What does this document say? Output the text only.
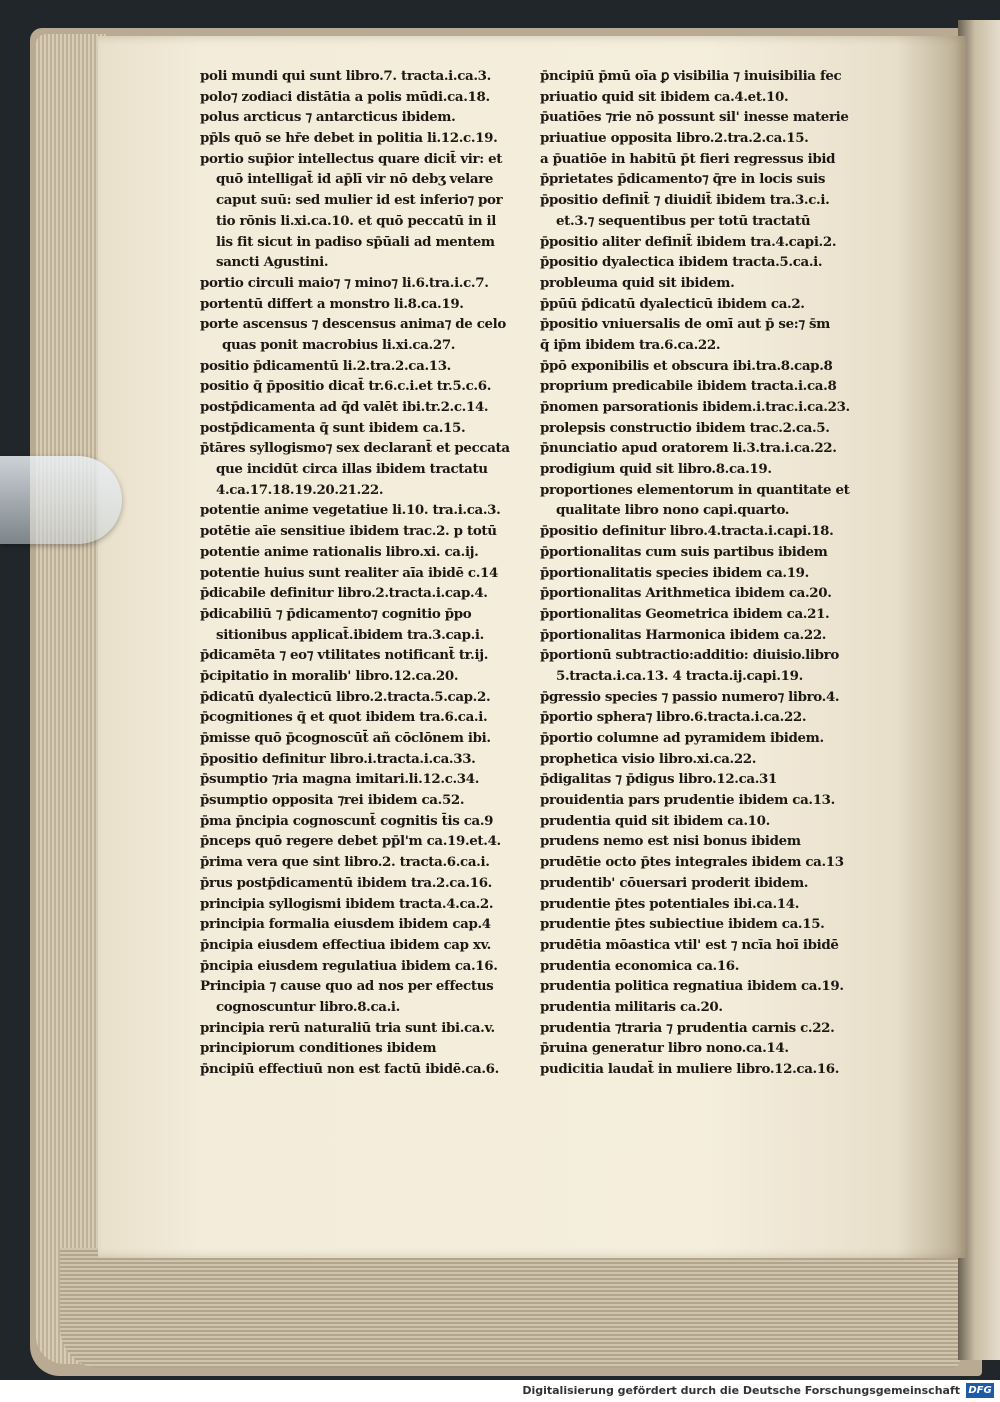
poli mundi qui sunt libro.7. tracta.i.ca.3.
polo⁊ zodiaci distātia a polis mūdi.ca.18.
polus arcticus ⁊ antarcticus ibidem.
pp̄ls quō se hr̄e debet in politia li.12.c.19.
portio sup̄ior intellectus quare dicit̄ vir: et
quō intelligat̄ id ap̄lī vir nō debʒ velare
caput suū: sed mulier id est inferio⁊ por
tio rōnis li.xi.ca.10. et quō peccatū in il
lis fit sicut in padiso sp̄ūali ad mentem
sancti Agustini.
portio circuli maio⁊ ⁊ mino⁊ li.6.tra.i.c.7.
portentū differt a monstro li.8.ca.19.
porte ascensus ⁊ descensus anima⁊ de celo
quas ponit macrobius li.xi.ca.27.
positio p̄dicamentū li.2.tra.2.ca.13.
positio q̄ p̄positio dicat̄ tr.6.c.i.et tr.5.c.6.
postp̄dicamenta ad q̄d valēt ibi.tr.2.c.14.
postp̄dicamenta q̄ sunt ibidem ca.15.
p̄tāres syllogismo⁊ sex declarant̄ et peccata
que incidūt circa illas ibidem tractatu
4.ca.17.18.19.20.21.22.
potentie anime vegetatiue li.10. tra.i.ca.3.
potētie aīe sensitiue ibidem trac.2. p totū
potentie anime rationalis libro.xi. ca.ij.
potentie huius sunt realiter aīa ibidē c.14
p̄dicabile definitur libro.2.tracta.i.cap.4.
p̄dicabiliū ⁊ p̄dicamento⁊ cognitio p̄po
sitionibus applicat̄.ibidem tra.3.cap.i.
p̄dicamēta ⁊ eo⁊ vtilitates notificant̄ tr.ij.
p̄cipitatio in moralib' libro.12.ca.20.
p̄dicatū dyalecticū libro.2.tracta.5.cap.2.
p̄cognitiones q̄ et quot ibidem tra.6.ca.i.
p̄misse quō p̄cognoscūt̄ añ cōclōnem ibi.
p̄positio definitur libro.i.tracta.i.ca.33.
p̄sumptio ⁊ria magna imitari.li.12.c.34.
p̄sumptio opposita ⁊rei ibidem ca.52.
p̄ma p̄ncipia cognoscunt̄ cognitis t̄is ca.9
p̄nceps quō regere debet pp̄l'm ca.19.et.4.
p̄rima vera que sint libro.2. tracta.6.ca.i.
p̄rus postp̄dicamentū ibidem tra.2.ca.16.
principia syllogismi ibidem tracta.4.ca.2.
principia formalia eiusdem ibidem cap.4
p̄ncipia eiusdem effectiua ibidem cap xv.
p̄ncipia eiusdem regulatiua ibidem ca.16.
Principia ⁊ cause quo ad nos per effectus
cognoscuntur libro.8.ca.i.
principia rerū naturaliū tria sunt ibi.ca.v.
principiorum conditiones ibidem
p̄ncipiū effectiuū non est factū ibidē.ca.6.
p̄ncipiū p̄mū oīa ꝑ visibilia ⁊ inuisibilia fec
priuatio quid sit ibidem ca.4.et.10.
p̄uatiōes ⁊rie nō possunt sil' inesse materie
priuatiue opposita libro.2.tra.2.ca.15.
a p̄uatiōe in habitū p̄t fieri regressus ibid
p̄prietates p̄dicamento⁊ q̄re in locis suis
p̄positio definit̄ ⁊ diuidit̄ ibidem tra.3.c.i.
et.3.⁊ sequentibus per totū tractatū
p̄positio aliter definit̄ ibidem tra.4.capi.2.
p̄positio dyalectica ibidem tracta.5.ca.i.
probleuma quid sit ibidem.
p̄pūū p̄dicatū dyalecticū ibidem ca.2.
p̄positio vniuersalis de omī aut p̄ se:⁊ s̄m
q̄ ip̄m ibidem tra.6.ca.22.
p̄pō exponibilis et obscura ibi.tra.8.cap.8
proprium predicabile ibidem tracta.i.ca.8
p̄nomen parsorationis ibidem.i.trac.i.ca.23.
prolepsis constructio ibidem trac.2.ca.5.
p̄nunciatio apud oratorem li.3.tra.i.ca.22.
prodigium quid sit libro.8.ca.19.
proportiones elementorum in quantitate et
qualitate libro nono capi.quarto.
p̄positio definitur libro.4.tracta.i.capi.18.
p̄portionalitas cum suis partibus ibidem
p̄portionalitatis species ibidem ca.19.
p̄portionalitas Arithmetica ibidem ca.20.
p̄portionalitas Geometrica ibidem ca.21.
p̄portionalitas Harmonica ibidem ca.22.
p̄portionū subtractio:additio: diuisio.libro
5.tracta.i.ca.13. 4 tracta.ij.capi.19.
p̄gressio species ⁊ passio numero⁊ libro.4.
p̄portio sphera⁊ libro.6.tracta.i.ca.22.
p̄portio columne ad pyramidem ibidem.
prophetica visio libro.xi.ca.22.
p̄digalitas ⁊ p̄digus libro.12.ca.31
prouidentia pars prudentie ibidem ca.13.
prudentia quid sit ibidem ca.10.
prudens nemo est nisi bonus ibidem
prudētie octo p̄tes integrales ibidem ca.13
prudentib' cōuersari proderit ibidem.
prudentie p̄tes potentiales ibi.ca.14.
prudentie p̄tes subiectiue ibidem ca.15.
prudētia mōastica vtil' est ⁊ ncīa hoī ibidē
prudentia economica ca.16.
prudentia politica regnatiua ibidem ca.19.
prudentia militaris ca.20.
prudentia ⁊traria ⁊ prudentia carnis c.22.
p̄ruina generatur libro nono.ca.14.
pudicitia laudat̄ in muliere libro.12.ca.16.
Digitalisierung gefördert durch die Deutsche Forschungsgemeinschaft DFG
